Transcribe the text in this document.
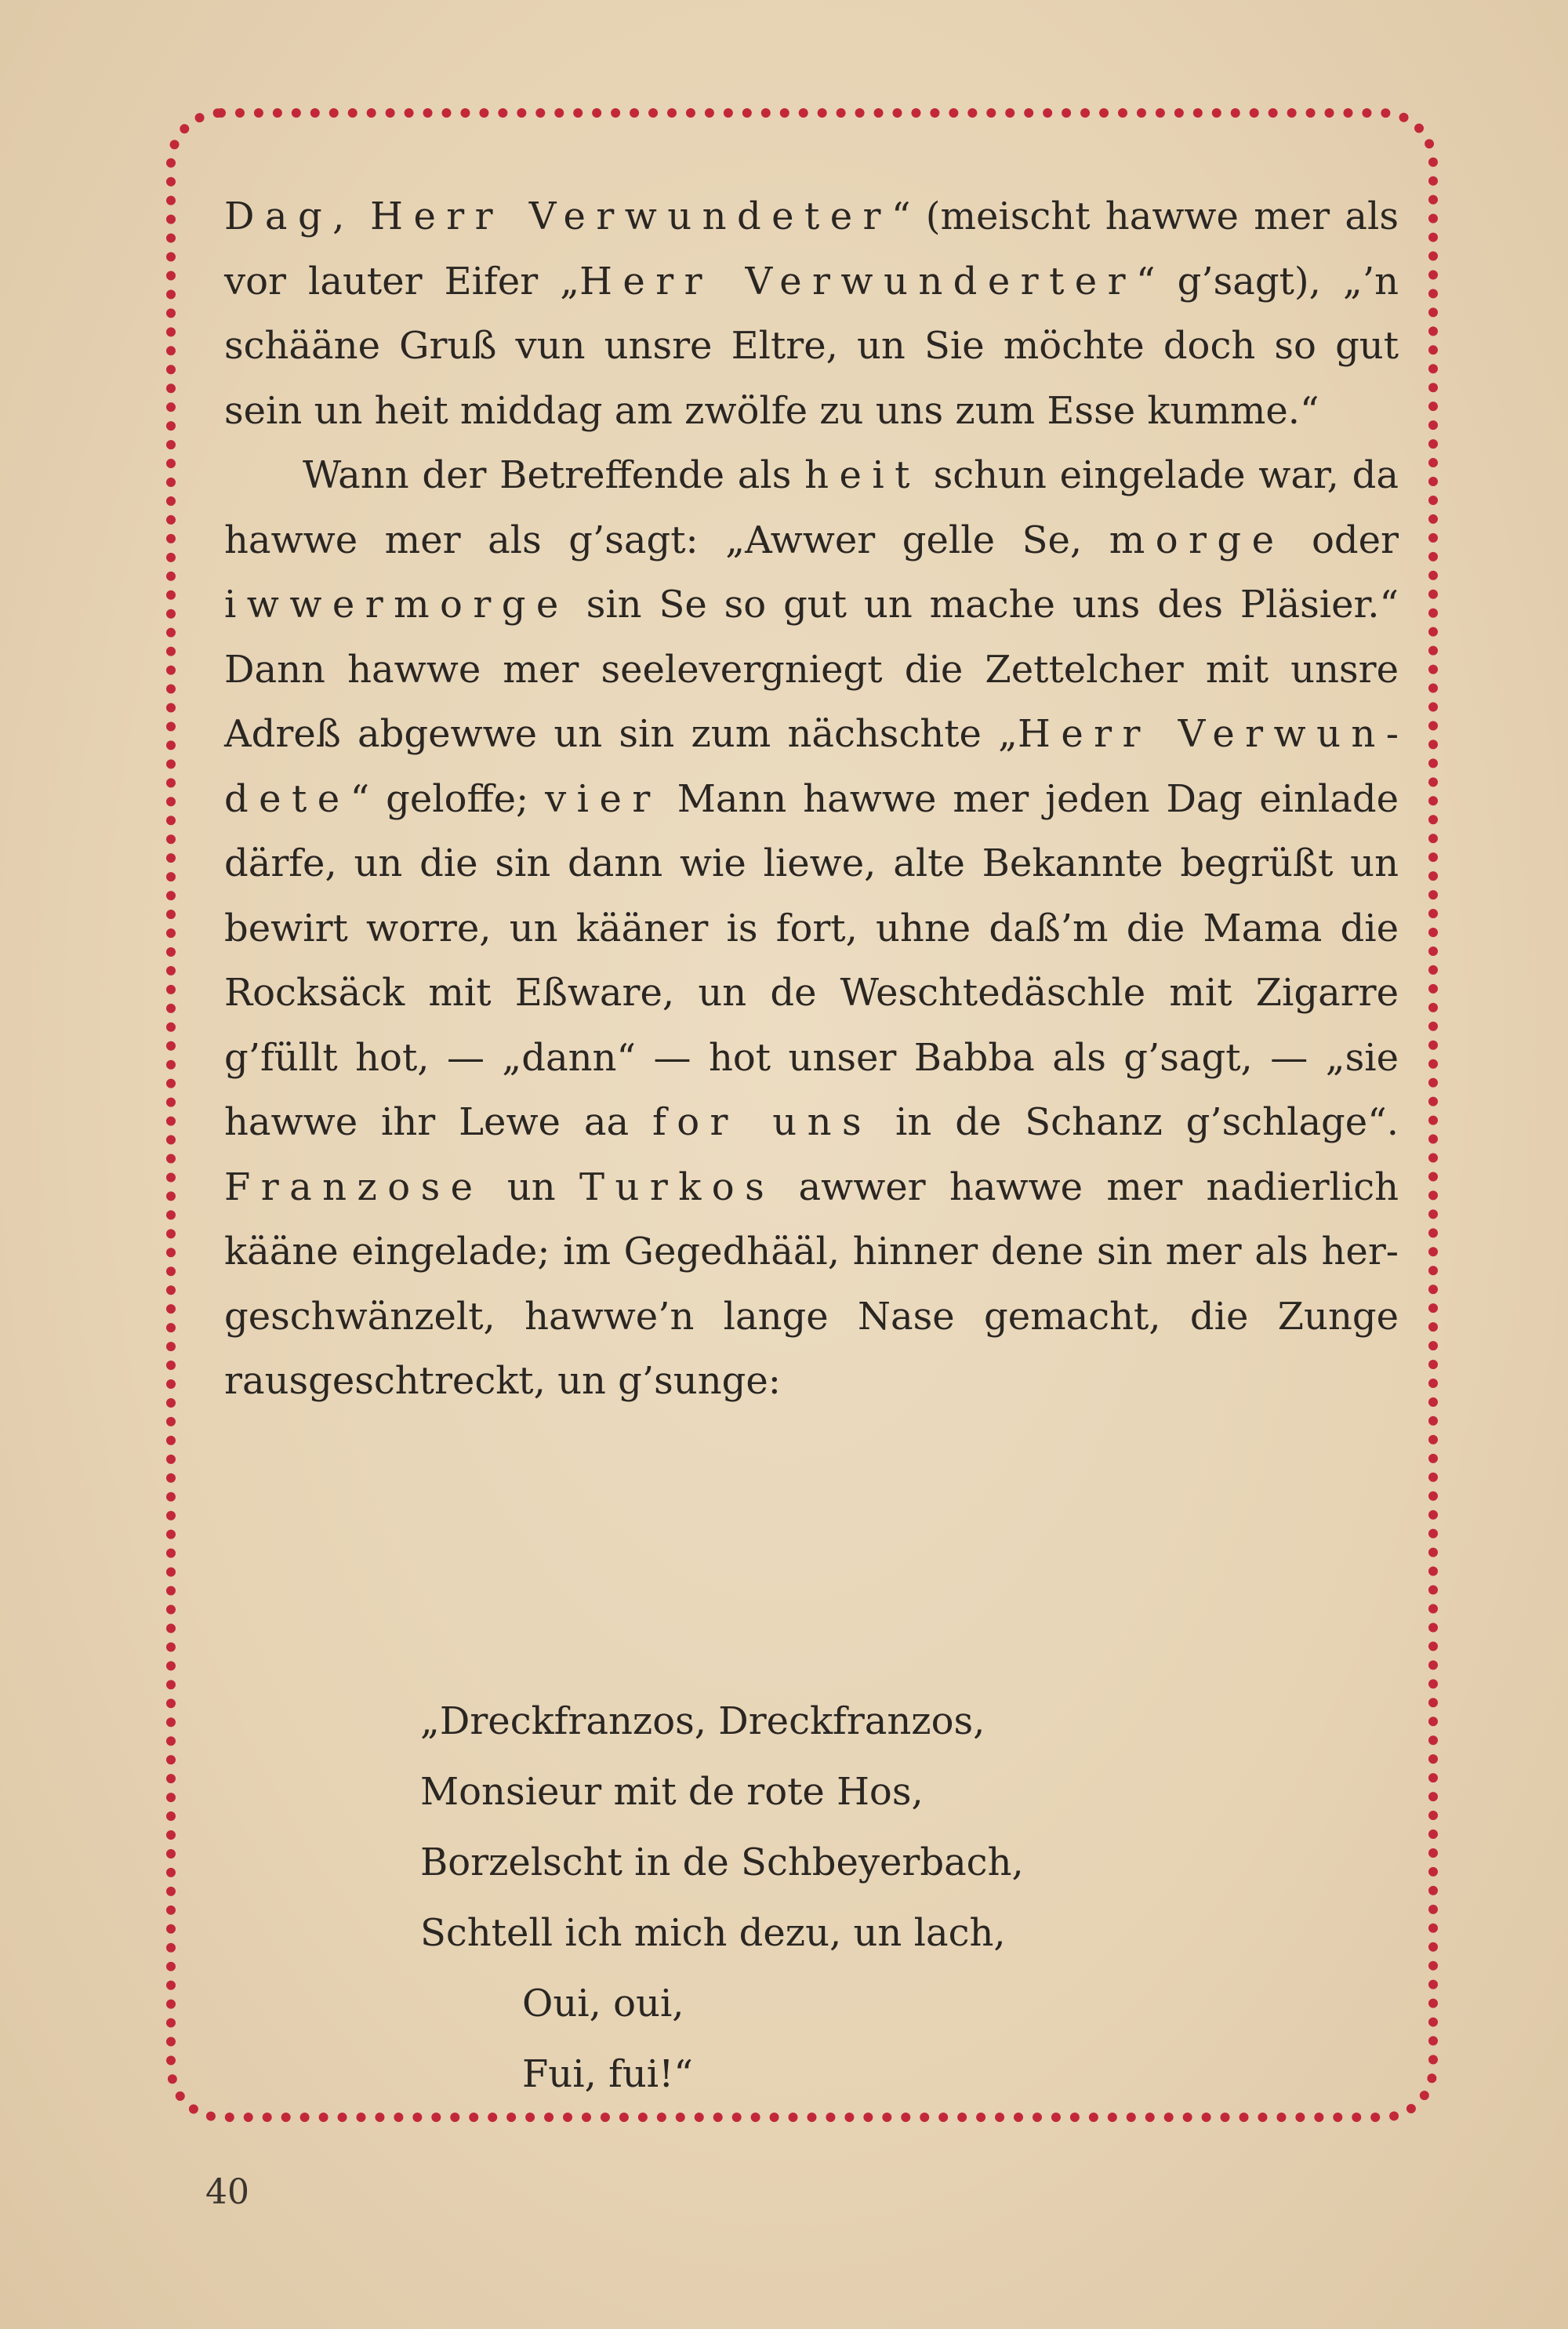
Dag, Herr Verwundeter“ (meischt hawwe mer als vor lauter Eifer „Herr Verwunderter“ g’sagt), „’n schääne Gruß vun unsre Eltre, un Sie möchte doch so gut sein un heit middag am zwölfe zu uns zum Esse kumme.“

Wann der Betreffende als heit schun eingelade war, da hawwe mer als g’sagt: „Awwer gelle Se, morge oder iwwermorge sin Se so gut un mache uns des Pläsier.“ Dann hawwe mer seelevergniegt die Zettelcher mit unsre Adreß abgewwe un sin zum nächschte „Herr Verwundete“ geloffe; vier Mann hawwe mer jeden Dag einlade därfe, un die sin dann wie liewe, alte Bekannte begrüßt un bewirt worre, un kääner is fort, uhne daß’m die Mama die Rocksäck mit Eßware, un de Weschtedäschle mit Zigarre g’füllt hot, — „dann“ — hot unser Babba als g’sagt, — „sie hawwe ihr Lewe aa for uns in de Schanz g’schlage“. Franzose un Turkos awwer hawwe mer nadierlich kääne eingelade; im Gegedhääl, hinner dene sin mer als hergeschwänzelt, hawwe’n lange Nase gemacht, die Zunge rausgeschtreckt, un g’sunge:

„Dreckfranzos, Dreckfranzos,
Monsieur mit de rote Hos,
Borzelscht in de Schbeyerbach,
Schtell ich mich dezu, un lach,
Oui, oui,
Fui, fui!“
40
